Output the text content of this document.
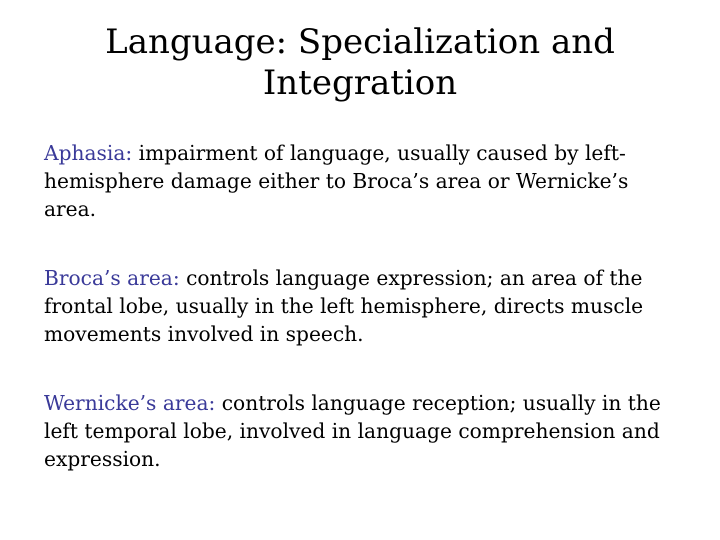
Language: Specialization and
Integration

Aphasia: impairment of language, usually caused by left-hemisphere damage either to Broca’s area or Wernicke’s area.

Broca’s area: controls language expression; an area of the frontal lobe, usually in the left hemisphere, directs muscle movements involved in speech.

Wernicke’s area: controls language reception; usually in the left temporal lobe, involved in language comprehension and expression.
